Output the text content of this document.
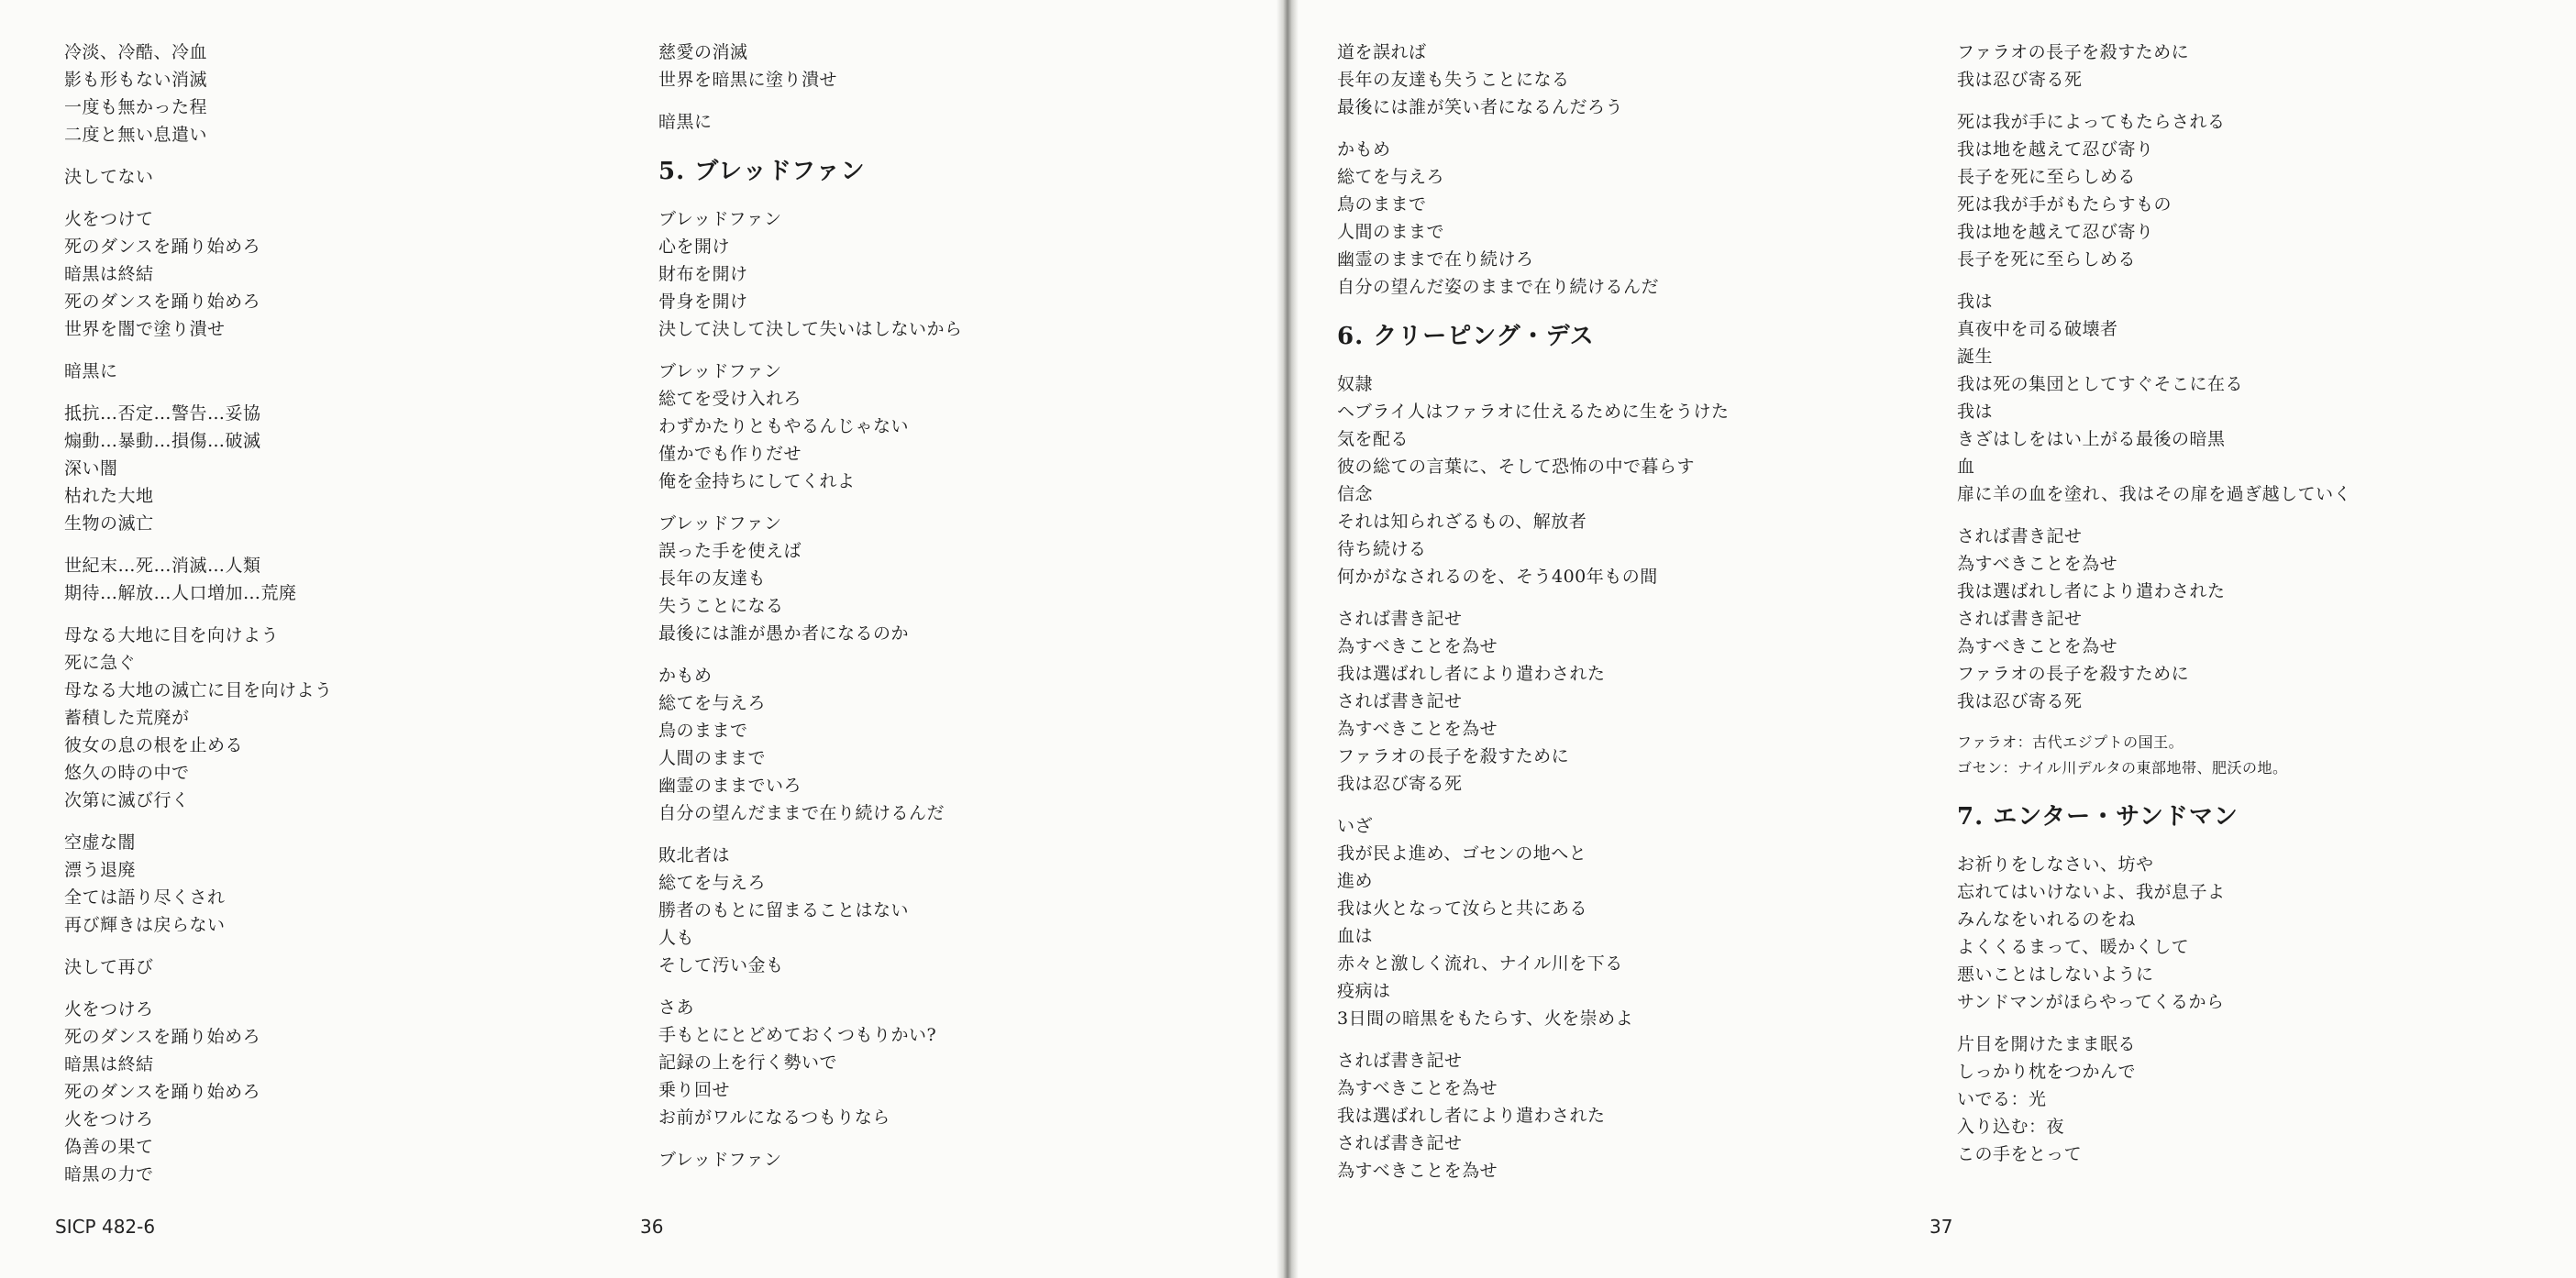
冷淡、冷酷、冷血
影も形もない消滅
一度も無かった程
二度と無い息遣い
決してない
火をつけて
死のダンスを踊り始めろ
暗黒は終結
死のダンスを踊り始めろ
世界を闇で塗り潰せ
暗黒に
抵抗…否定…警告…妥協
煽動…暴動…損傷…破滅
深い闇
枯れた大地
生物の滅亡
世紀末…死…消滅…人類
期待…解放…人口増加…荒廃
母なる大地に目を向けよう
死に急ぐ
母なる大地の滅亡に目を向けよう
蓄積した荒廃が
彼女の息の根を止める
悠久の時の中で
次第に滅び行く
空虚な闇
漂う退廃
全ては語り尽くされ
再び輝きは戻らない
決して再び
火をつけろ
死のダンスを踊り始めろ
暗黒は終結
死のダンスを踊り始めろ
火をつけろ
偽善の果て
暗黒の力で
慈愛の消滅
世界を暗黒に塗り潰せ
暗黒に
5. ブレッドファン
ブレッドファン
心を開け
財布を開け
骨身を開け
決して決して決して失いはしないから
ブレッドファン
総てを受け入れろ
わずかたりともやるんじゃない
僅かでも作りだせ
俺を金持ちにしてくれよ
ブレッドファン
誤った手を使えば
長年の友達も
失うことになる
最後には誰が愚か者になるのか
かもめ
総てを与えろ
鳥のままで
人間のままで
幽霊のままでいろ
自分の望んだままで在り続けるんだ
敗北者は
総てを与えろ
勝者のもとに留まることはない
人も
そして汚い金も
さあ
手もとにとどめておくつもりかい?
記録の上を行く勢いで
乗り回せ
お前がワルになるつもりなら
ブレッドファン
道を誤れば
長年の友達も失うことになる
最後には誰が笑い者になるんだろう
かもめ
総てを与えろ
鳥のままで
人間のままで
幽霊のままで在り続けろ
自分の望んだ姿のままで在り続けるんだ
6. クリーピング・デス
奴隷
ヘブライ人はファラオに仕えるために生をうけた
気を配る
彼の総ての言葉に、そして恐怖の中で暮らす
信念
それは知られざるもの、解放者
待ち続ける
何かがなされるのを、そう400年もの間
されば書き記せ
為すべきことを為せ
我は選ばれし者により遣わされた
されば書き記せ
為すべきことを為せ
ファラオの長子を殺すために
我は忍び寄る死
いざ
我が民よ進め、ゴセンの地へと
進め
我は火となって汝らと共にある
血は
赤々と激しく流れ、ナイル川を下る
疫病は
3日間の暗黒をもたらす、火を崇めよ
されば書き記せ
為すべきことを為せ
我は選ばれし者により遣わされた
されば書き記せ
為すべきことを為せ
ファラオの長子を殺すために
我は忍び寄る死
死は我が手によってもたらされる
我は地を越えて忍び寄り
長子を死に至らしめる
死は我が手がもたらすもの
我は地を越えて忍び寄り
長子を死に至らしめる
我は
真夜中を司る破壊者
誕生
我は死の集団としてすぐそこに在る
我は
きざはしをはい上がる最後の暗黒
血
扉に羊の血を塗れ、我はその扉を過ぎ越していく
されば書き記せ
為すべきことを為せ
我は選ばれし者により遣わされた
されば書き記せ
為すべきことを為せ
ファラオの長子を殺すために
我は忍び寄る死
ファラオ：古代エジプトの国王。
ゴセン：ナイル川デルタの東部地帯、肥沃の地。
7. エンター・サンドマン
お祈りをしなさい、坊や
忘れてはいけないよ、我が息子よ
みんなをいれるのをね
よくくるまって、暖かくして
悪いことはしないように
サンドマンがほらやってくるから
片目を開けたまま眠る
しっかり枕をつかんで
いでる：光
入り込む：夜
この手をとって
SICP 482-6	36	37
